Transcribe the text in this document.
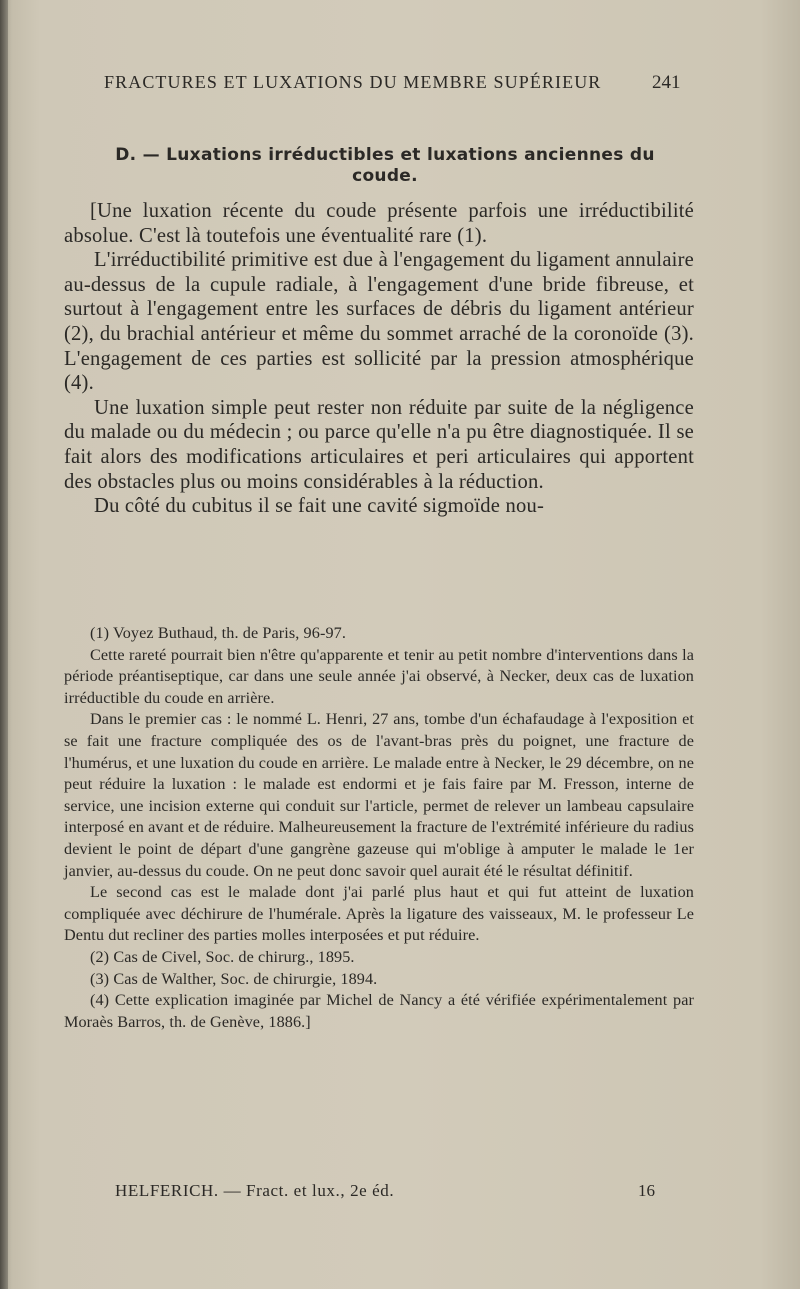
FRACTURES ET LUXATIONS DU MEMBRE SUPÉRIEUR	241
D. — Luxations irréductibles et luxations anciennes du coude.

[Une luxation récente du coude présente parfois une irréductibilité absolue. C'est là toutefois une éventualité rare (1).

L'irréductibilité primitive est due à l'engagement du ligament annulaire au-dessus de la cupule radiale, à l'engagement d'une bride fibreuse, et surtout à l'engagement entre les surfaces de débris du ligament antérieur (2), du brachial antérieur et même du sommet arraché de la coronoïde (3). L'engagement de ces parties est sollicité par la pression atmosphérique (4).

Une luxation simple peut rester non réduite par suite de la négligence du malade ou du médecin ; ou parce qu'elle n'a pu être diagnostiquée. Il se fait alors des modifications articulaires et peri articulaires qui apportent des obstacles plus ou moins considérables à la réduction.

Du côté du cubitus il se fait une cavité sigmoïde nou-

(1) Voyez Buthaud, th. de Paris, 96-97.

Cette rareté pourrait bien n'être qu'apparente et tenir au petit nombre d'interventions dans la période préantiseptique, car dans une seule année j'ai observé, à Necker, deux cas de luxation irréductible du coude en arrière.

Dans le premier cas : le nommé L. Henri, 27 ans, tombe d'un échafaudage à l'exposition et se fait une fracture compliquée des os de l'avant-bras près du poignet, une fracture de l'humérus, et une luxation du coude en arrière. Le malade entre à Necker, le 29 décembre, on ne peut réduire la luxation : le malade est endormi et je fais faire par M. Fresson, interne de service, une incision externe qui conduit sur l'article, permet de relever un lambeau capsulaire interposé en avant et de réduire. Malheureusement la fracture de l'extrémité inférieure du radius devient le point de départ d'une gangrène gazeuse qui m'oblige à amputer le malade le 1er janvier, au-dessus du coude. On ne peut donc savoir quel aurait été le résultat définitif.

Le second cas est le malade dont j'ai parlé plus haut et qui fut atteint de luxation compliquée avec déchirure de l'humérale. Après la ligature des vaisseaux, M. le professeur Le Dentu dut recliner des parties molles interposées et put réduire.

(2) Cas de Civel, Soc. de chirurg., 1895.

(3) Cas de Walther, Soc. de chirurgie, 1894.

(4) Cette explication imaginée par Michel de Nancy a été vérifiée expérimentalement par Moraès Barros, th. de Genève, 1886.]

HELFERICH. — Fract. et lux., 2e éd.	16
